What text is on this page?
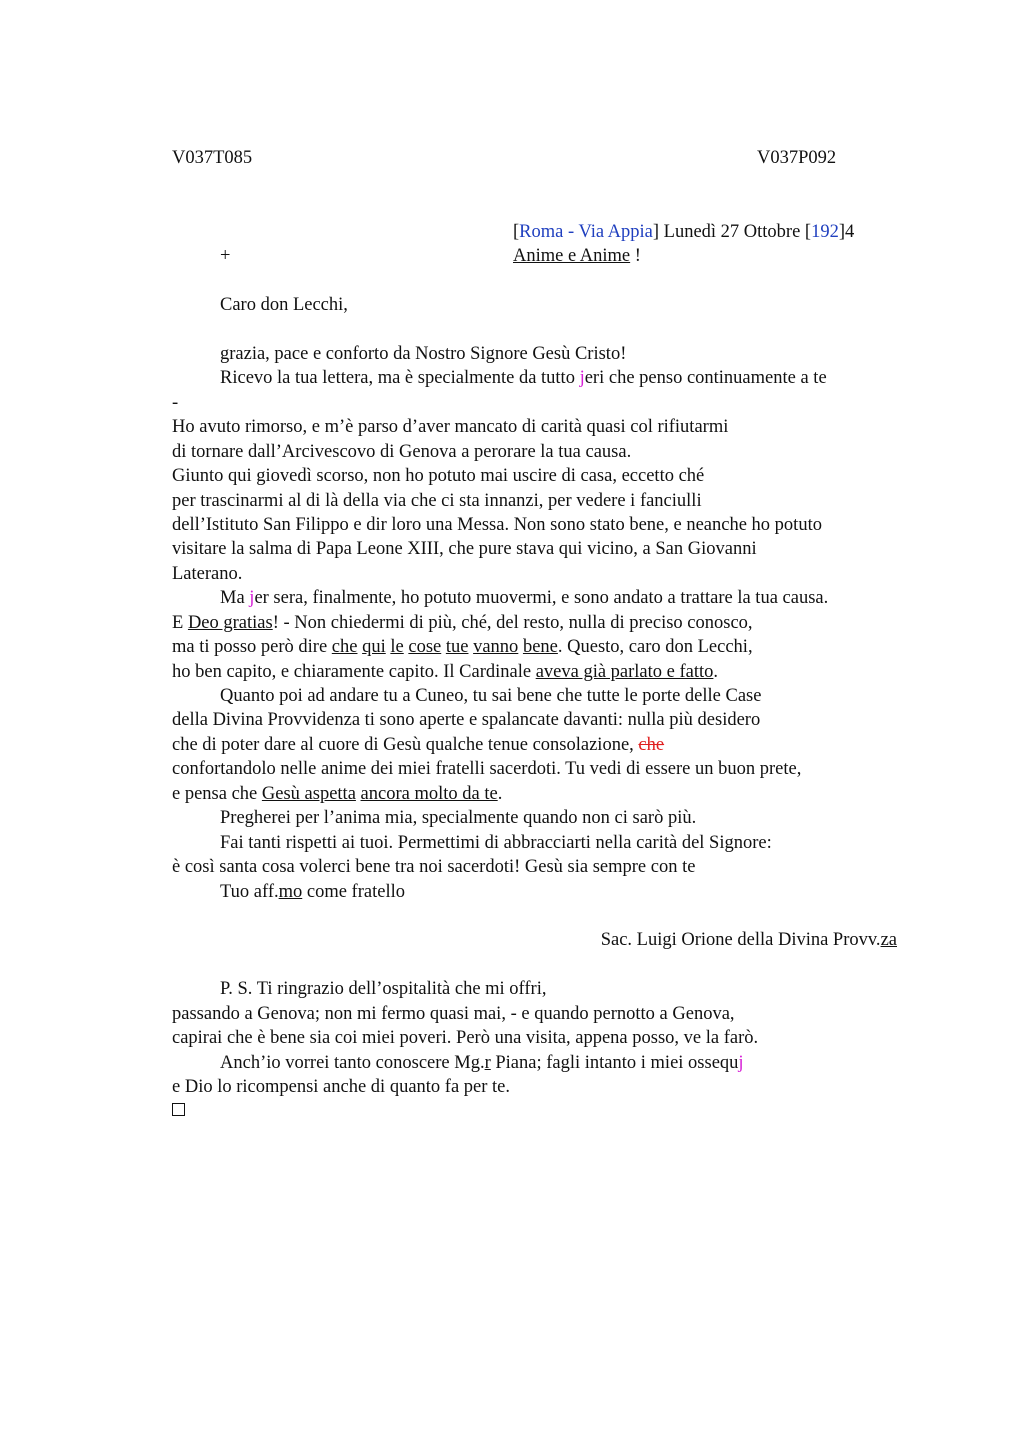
V037T085	V037P092
[Roma - Via Appia] Lunedì 27 Ottobre [192]4
+	Anime e Anime !
Caro don Lecchi,
grazia, pace e conforto da Nostro Signore Gesù Cristo!
Ricevo la tua lettera, ma è specialmente da tutto jeri che penso continuamente a te
-
Ho avuto rimorso, e m’è parso d’aver mancato di carità quasi col rifiutarmi
di tornare dall’Arcivescovo di Genova a perorare la tua causa.
Giunto qui giovedì scorso, non ho potuto mai uscire di casa, eccetto ché
per trascinarmi al di là della via che ci sta innanzi, per vedere i fanciulli
dell’Istituto San Filippo e dir loro una Messa. Non sono stato bene, e neanche ho potuto
visitare la salma di Papa Leone XIII, che pure stava qui vicino, a San Giovanni
Laterano.
Ma jer sera, finalmente, ho potuto muovermi, e sono andato a trattare la tua causa.
E Deo gratias! - Non chiedermi di più, ché, del resto, nulla di preciso conosco,
ma ti posso però dire che qui le cose tue vanno bene. Questo, caro don Lecchi,
ho ben capito, e chiaramente capito. Il Cardinale aveva già parlato e fatto.
Quanto poi ad andare tu a Cuneo, tu sai bene che tutte le porte delle Case
della Divina Provvidenza ti sono aperte e spalancate davanti: nulla più desidero
che di poter dare al cuore di Gesù qualche tenue consolazione, che
confortandolo nelle anime dei miei fratelli sacerdoti. Tu vedi di essere un buon prete,
e pensa che Gesù aspetta ancora molto da te.
Pregherei per l’anima mia, specialmente quando non ci sarò più.
Fai tanti rispetti ai tuoi. Permettimi di abbracciarti nella carità del Signore:
è così santa cosa volerci bene tra noi sacerdoti! Gesù sia sempre con te
Tuo aff.mo come fratello
Sac. Luigi Orione della Divina Provv.za
P. S. Ti ringrazio dell’ospitalità che mi offri,
passando a Genova; non mi fermo quasi mai, - e quando pernotto a Genova,
capirai che è bene sia coi miei poveri. Però una visita, appena posso, ve la farò.
Anch’io vorrei tanto conoscere Mg.r Piana; fagli intanto i miei ossequj
e Dio lo ricompensi anche di quanto fa per te.
